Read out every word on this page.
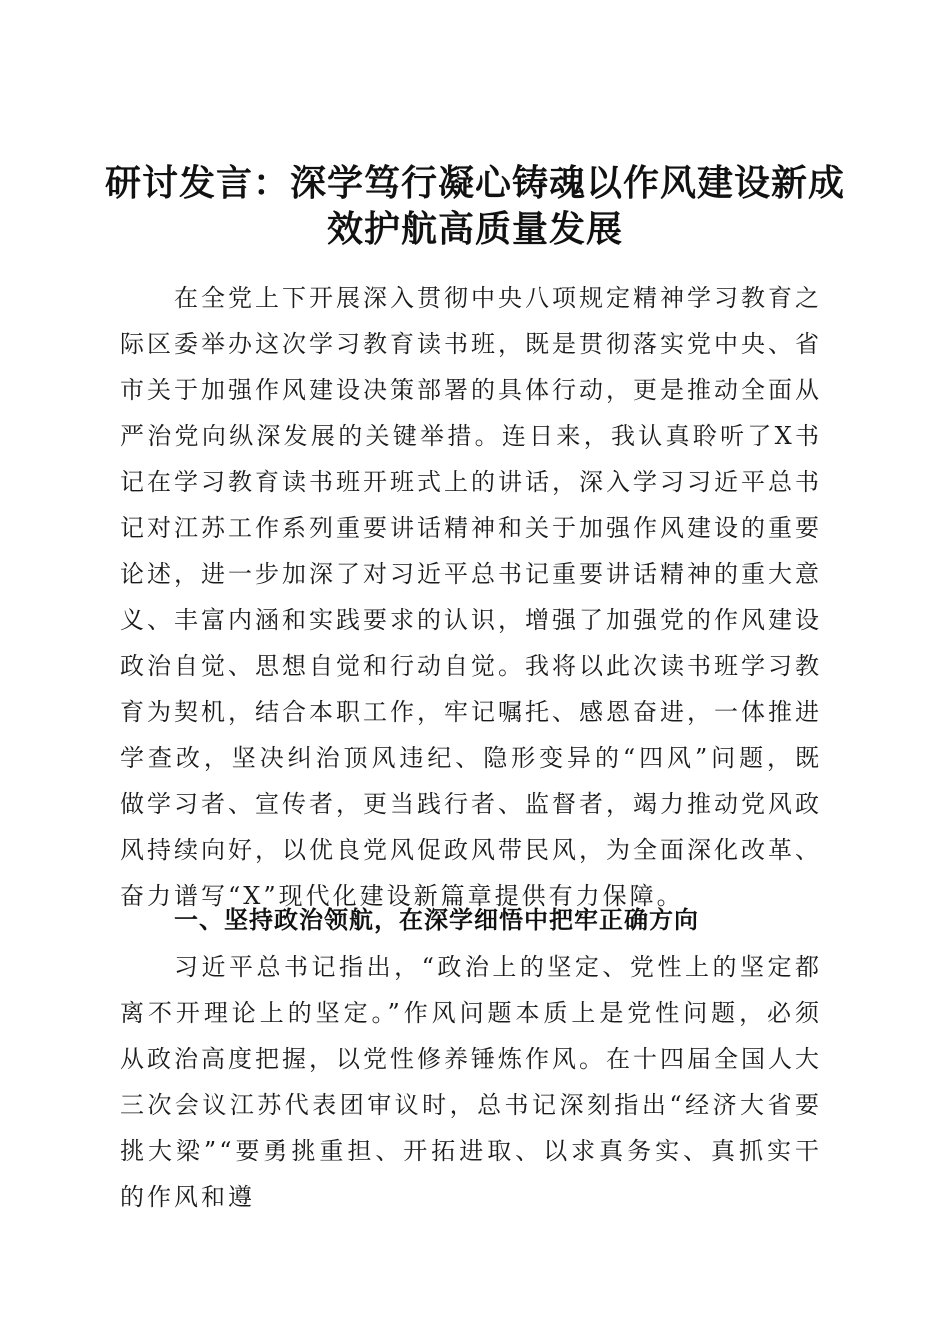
研讨发言：深学笃行凝心铸魂以作风建设新成效护航高质量发展

在全党上下开展深入贯彻中央八项规定精神学习教育之际区委举办这次学习教育读书班，既是贯彻落实党中央、省市关于加强作风建设决策部署的具体行动，更是推动全面从严治党向纵深发展的关键举措。连日来，我认真聆听了X书记在学习教育读书班开班式上的讲话，深入学习习近平总书记对江苏工作系列重要讲话精神和关于加强作风建设的重要论述，进一步加深了对习近平总书记重要讲话精神的重大意义、丰富内涵和实践要求的认识，增强了加强党的作风建设政治自觉、思想自觉和行动自觉。我将以此次读书班学习教育为契机，结合本职工作，牢记嘱托、感恩奋进，一体推进学查改，坚决纠治顶风违纪、隐形变异的“四风”问题，既做学习者、宣传者，更当践行者、监督者，竭力推动党风政风持续向好，以优良党风促政风带民风，为全面深化改革、奋力谱写“X”现代化建设新篇章提供有力保障。

一、坚持政治领航，在深学细悟中把牢正确方向

习近平总书记指出，“政治上的坚定、党性上的坚定都离不开理论上的坚定。”作风问题本质上是党性问题，必须从政治高度把握，以党性修养锤炼作风。在十四届全国人大三次会议江苏代表团审议时，总书记深刻指出“经济大省要挑大梁”“要勇挑重担、开拓进取、以求真务实、真抓实干的作风和遵
